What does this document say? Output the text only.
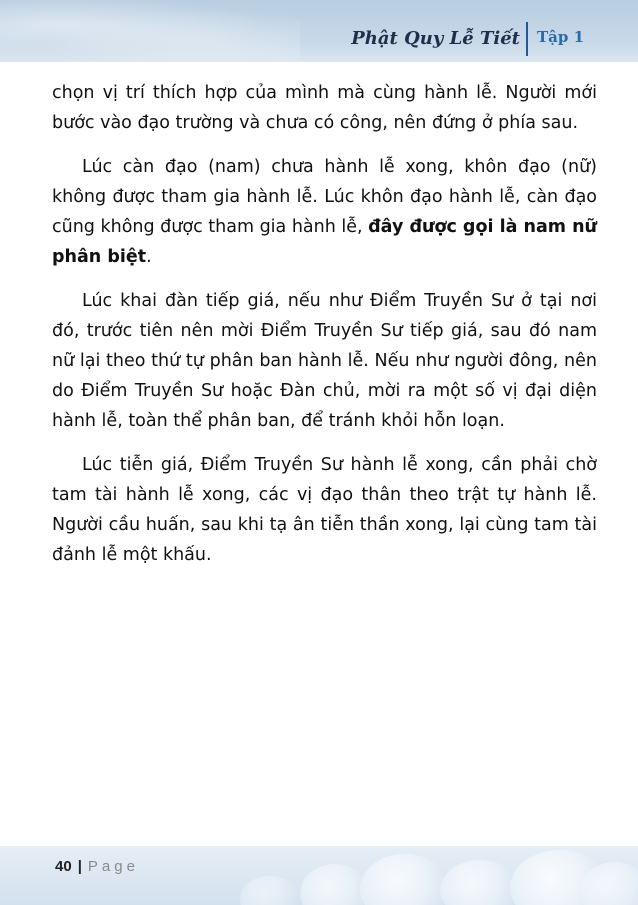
Phật Quy Lễ Tiết Tập 1

chọn vị trí thích hợp của mình mà cùng hành lễ. Người mới bước vào đạo trường và chưa có công, nên đứng ở phía sau.

Lúc càn đạo (nam) chưa hành lễ xong, khôn đạo (nữ) không được tham gia hành lễ. Lúc khôn đạo hành lễ, càn đạo cũng không được tham gia hành lễ, đây được gọi là nam nữ phân biệt.

Lúc khai đàn tiếp giá, nếu như Điểm Truyền Sư ở tại nơi đó, trước tiên nên mời Điểm Truyền Sư tiếp giá, sau đó nam nữ lại theo thứ tự phân ban hành lễ. Nếu như người đông, nên do Điểm Truyền Sư hoặc Đàn chủ, mời ra một số vị đại diện hành lễ, toàn thể phân ban, để tránh khỏi hỗn loạn.

Lúc tiễn giá, Điểm Truyền Sư hành lễ xong, cần phải chờ tam tài hành lễ xong, các vị đạo thân theo trật tự hành lễ. Người cầu huấn, sau khi tạ ân tiễn thần xong, lại cùng tam tài đảnh lễ một khấu.

40 | Page
